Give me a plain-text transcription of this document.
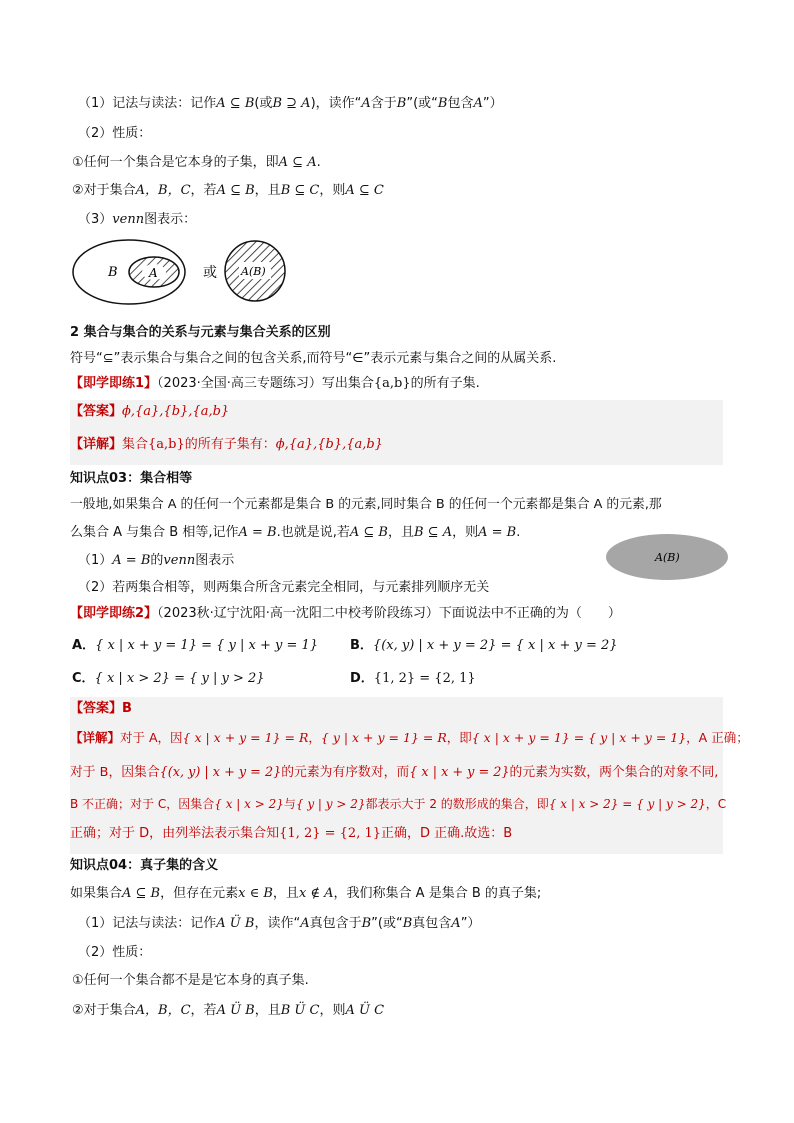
（1）记法与读法：记作A ⊆ B(或B ⊇ A)，读作“A含于B”(或“B包含A”）
（2）性质：
①任何一个集合是它本身的子集，即A ⊆ A.
②对于集合A，B，C，若A ⊆ B，且B ⊆ C，则A ⊆ C
（3）venn图表示：
B	A	或 A(B)
2 集合与集合的关系与元素与集合关系的区别
符号“⊆”表示集合与集合之间的包含关系,而符号“∈”表示元素与集合之间的从属关系.
【即学即练1】（2023·全国·高三专题练习）写出集合{a,b}的所有子集.
【答案】ϕ,{a},{b},{a,b}
【详解】集合{a,b}的所有子集有：ϕ,{a},{b},{a,b}
知识点03：集合相等
一般地,如果集合 A 的任何一个元素都是集合 B 的元素,同时集合 B 的任何一个元素都是集合 A 的元素,那
么集合 A 与集合 B 相等,记作A = B.也就是说,若A ⊆ B，且B ⊆ A，则A = B.
（1）A = B的venn图表示	A(B)
（2）若两集合相等，则两集合所含元素完全相同，与元素排列顺序无关
【即学即练2】（2023秋·辽宁沈阳·高一沈阳二中校考阶段练习）下面说法中不正确的为（　　）
A．{ x | x + y = 1} = { y | x + y = 1} B．{(x, y) | x + y = 2} = { x | x + y = 2}
C．{ x | x > 2} = { y | y > 2}	D．{1, 2} = {2, 1}
【答案】B
【详解】对于 A，因{ x | x + y = 1} = R，{ y | x + y = 1} = R，即{ x | x + y = 1} = { y | x + y = 1}，A 正确；
对于 B，因集合{(x, y) | x + y = 2}的元素为有序数对，而{ x | x + y = 2}的元素为实数，两个集合的对象不同,
B 不正确；对于 C，因集合{ x | x > 2}与{ y | y > 2}都表示大于 2 的数形成的集合，即{ x | x > 2} = { y | y > 2}，C
正确；对于 D，由列举法表示集合知{1, 2} = {2, 1}正确，D 正确.故选：B
知识点04：真子集的含义
如果集合A ⊆ B，但存在元素x ∈ B，且x ∉ A，我们称集合 A 是集合 B 的真子集;
（1）记法与读法：记作A Ü B，读作“A真包含于B”(或“B真包含A”）
（2）性质：
①任何一个集合都不是是它本身的真子集.
②对于集合A，B，C，若A Ü B，且B Ü C，则A Ü C
